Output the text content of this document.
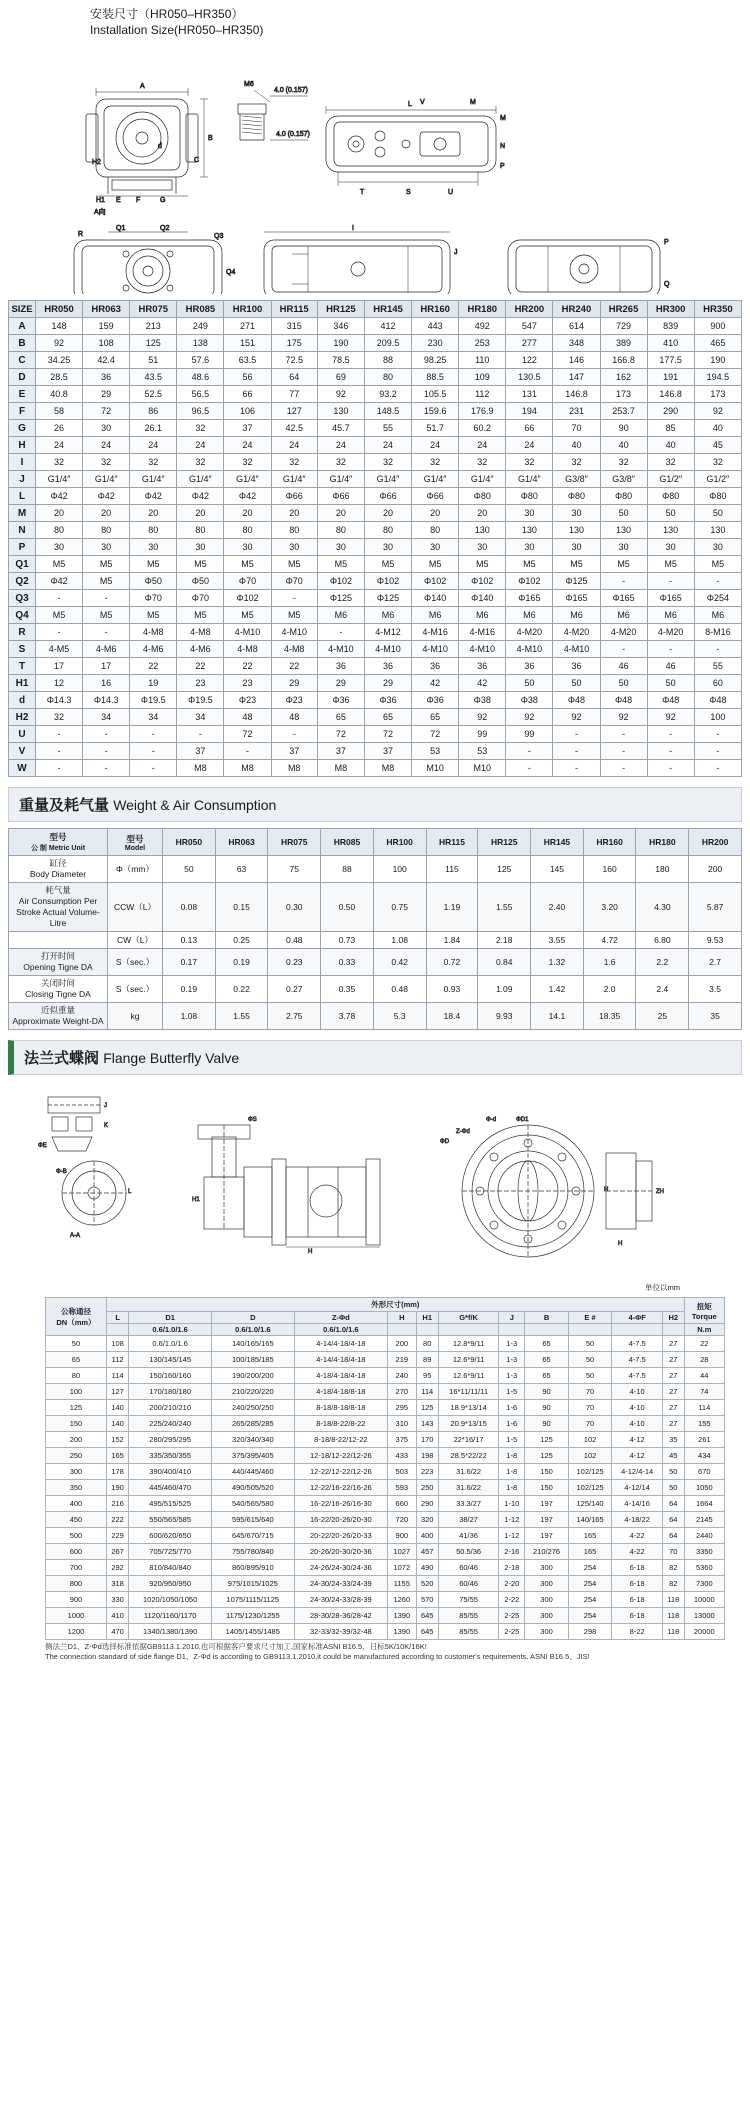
安装尺寸（HR050–HR350）
Installation Size(HR050–HR350)
B
A
C
d
H2
H1 E F	G
A向
M6
4.0 (0.157)
4.0 (0.157)
L
M
N
P
S
T	U
M
V
Q1	Q2
R	Q3
Q4
I
J
P
Q
SIZE	HR050	HR063	HR075	HR085	HR100	HR115	HR125	HR145	HR160	HR180	HR200	HR240	HR265	HR300	HR350
A	148	159	213	249	271	315	346	412	443	492	547	614	729	839	900
B	92	108	125	138	151	175	190	209.5	230	253	277	348	389	410	465
C	34.25	42.4	51	57.6	63.5	72.5	78.5	88	98.25	110	122	146	166.8	177.5	190
D	28.5	36	43.5	48.6	56	64	69	80	88.5	109	130.5	147	162	191	194.5
E	40.8	29	52.5	56.5	66	77	92	93.2	105.5	112	131	146.8	173	146.8	173
F	58	72	86	96.5	106	127	130	148.5	159.6	176.9	194	231	253.7	290	92
G	26	30	26.1	32	37	42.5	45.7	55	51.7	60.2	66	70	90	85	40
H	24	24	24	24	24	24	24	24	24	24	24	40	40	40	45
I	32	32	32	32	32	32	32	32	32	32	32	32	32	32	32
J	G1/4″	G1/4″	G1/4″	G1/4″	G1/4″	G1/4″	G1/4″	G1/4″	G1/4″	G1/4″	G1/4″	G3/8″	G3/8″	G1/2″	G1/2″
L	Φ42	Φ42	Φ42	Φ42	Φ42	Φ66	Φ66	Φ66	Φ66	Φ80	Φ80	Φ80	Φ80	Φ80	Φ80
M	20	20	20	20	20	20	20	20	20	20	30	30	50	50	50
N	80	80	80	80	80	80	80	80	80	130	130	130	130	130	130
P	30	30	30	30	30	30	30	30	30	30	30	30	30	30	30
Q1	M5	M5	M5	M5	M5	M5	M5	M5	M5	M5	M5	M5	M5	M5	M5
Q2	Φ42	M5	Φ50	Φ50	Φ70	Φ70	Φ102	Φ102	Φ102	Φ102	Φ102	Φ125	-	-	-
Q3	-	-	Φ70	Φ70	Φ102	-	Φ125	Φ125	Φ140	Φ140	Φ165	Φ165	Φ165	Φ165	Φ254
Q4	M5	M5	M5	M5	M5	M5	M6	M6	M6	M6	M6	M6	M6	M6	M6
R	-	-	4-M8	4-M8	4-M10	4-M10	-	4-M12	4-M16	4-M16	4-M20	4-M20	4-M20	4-M20	8-M16
S	4-M5	4-M6	4-M6	4-M6	4-M8	4-M8	4-M10	4-M10	4-M10	4-M10	4-M10	4-M10	-	-	-
T	17	17	22	22	22	22	36	36	36	36	36	36	46	46	55
H1	12	16	19	23	23	29	29	29	42	42	50	50	50	50	60
d	Φ14.3	Φ14.3	Φ19.5	Φ19.5	Φ23	Φ23	Φ36	Φ36	Φ36	Φ38	Φ38	Φ48	Φ48	Φ48	Φ48
H2	32	34	34	34	48	48	65	65	65	92	92	92	92	92	100
U	-	-	-	-	72	-	72	72	72	99	99	-	-	-	-
V	-	-	-	37	-	37	37	37	53	53	-	-	-	-	-
W	-	-	-	M8	M8	M8	M8	M8	M10	M10	-	-	-	-	-
重量及耗气量 Weight & Air Consumption
型号
公 制 Metric Unit

型号
Model
	HR050	HR063	HR075	HR085	HR100	HR115	HR125	HR145	HR160	HR180	HR200

缸径
Body Diameter	Φ（mm）	50	63	75	88	100	115	125	145	160	180	200

耗气量
Air Consumption Per Stroke Actual Volume-Litre	CCW（L）	0.08	0.15	0.30	0.50	0.75	1.19	1.55	2.40	3.20	4.30	5.87

	CW（L）	0.13	0.25	0.48	0.73	1.08	1.84	2.18	3.55	4.72	6.80	9.53

打开时间
Opening Tigne DA	S（sec.）	0.17	0.19	0.23	0.33	0.42	0.72	0.84	1.32	1.6	2.2	2.7

关闭时间
Closing Tigne DA	S（sec.）	0.19	0.22	0.27	0.35	0.48	0.93	1.09	1.42	2.0	2.4	3.5

近似重量
Approximate Weight-DA	kg	1.08	1.55	2.75	3.78	5.3	18.4	9.93	14.1	18.35	25	35
法兰式蝶阀 Flange Butterfly Valve
J
K
ΦE
Φ-B
A-A
L
ΦS
H1
H
Φ-d	ΦD1
Z-Φd
ΦD
H	ZH
H
单位以mm
公称通径
DN（mm）
	外形尺寸(mm)	扭矩
Torque
	L	D1	D	Z-Φd	H	H1	G*f/K	J	B	E #	4-ΦF	H2	
		0.6/1.0/1.6	0.6/1.0/1.6	0.6/1.0/1.6									N.m
50	108	0.6/1.0/1.6	140/165/165	4-14/4-18/4-18	200	80	12.8*9/11	1-3	65	50	4-7.5	27	22
65	112	130/145/145	100/185/185	4-14/4-18/4-18	219	89	12.6*9/11	1-3	65	50	4-7.5	27	28
80	114	150/160/160	190/200/200	4-18/4-18/4-18	240	95	12.6*9/11	1-3	65	50	4-7.5	27	44
100	127	170/180/180	210/220/220	4-18/4-18/8-18	270	114	16*11/11/11	1-5	90	70	4-10	27	74
125	140	200/210/210	240/250/250	8-18/8-18/8-18	295	125	18.9*13/14	1-6	90	70	4-10	27	114
150	140	225/240/240	265/285/285	8-18/8-22/8-22	310	143	20.9*13/15	1-6	90	70	4-10	27	155
200	152	280/295/295	320/340/340	8-18/8-22/12-22	375	170	22*16/17	1-5	125	102	4-12	35	261
250	165	335/350/355	375/395/405	12-18/12-22/12-26	433	198	28.5*22/22	1-8	125	102	4-12	45	434
300	178	390/400/410	440/445/460	12-22/12-22/12-26	503	223	31.6/22	1-8	150	102/125	4-12/4-14	50	670
350	190	445/460/470	490/505/520	12-22/16-22/16-26	593	250	31.6/22	1-8	150	102/125	4-12/14	50	1050
400	216	495/515/525	540/565/580	16-22/16-26/16-30	660	290	33.3/27	1-10	197	125/140	4-14/16	64	1664
450	222	550/565/585	595/615/640	16-22/20-26/20-30	720	320	38/27	1-12	197	140/165	4-18/22	64	2145
500	229	600/620/650	645/670/715	20-22/20-26/20-33	900	400	41/36	1-12	197	165	4-22	64	2440
600	267	705/725/770	755/780/840	20-26/20-30/20-36	1027	457	50.5/36	2-16	210/276	165	4-22	70	3350
700	292	810/840/840	860/895/910	24-26/24-30/24-36	1072	490	60/46	2-18	300	254	6-18	82	5360
800	318	920/950/950	975/1015/1025	24-30/24-33/24-39	1155	520	60/46	2-20	300	254	6-18	82	7300
900	330	1020/1050/1050	1075/1115/1125	24-30/24-33/28-39	1260	570	75/55	2-22	300	254	6-18	118	10000
1000	410	1120/1160/1170	1175/1230/1255	28-30/28-36/28-42	1390	645	85/55	2-25	300	254	6-18	118	13000
1200	470	1340/1380/1390	1405/1455/1485	32-33/32-39/32-48	1390	645	85/55	2-25	300	298	8-22	118	20000
侧法兰D1、Z-Φd选择标准依据GB9113.1.2010,也可根据客户要求尺寸加工,国家标准ASNI B16.5、日标5K/10K/16K!
The connection standard of side flange D1、Z-Φd is according to GB9113.1.2010,it could be manufactured according to customer's requirements. ASNI B16.5、JIS!
